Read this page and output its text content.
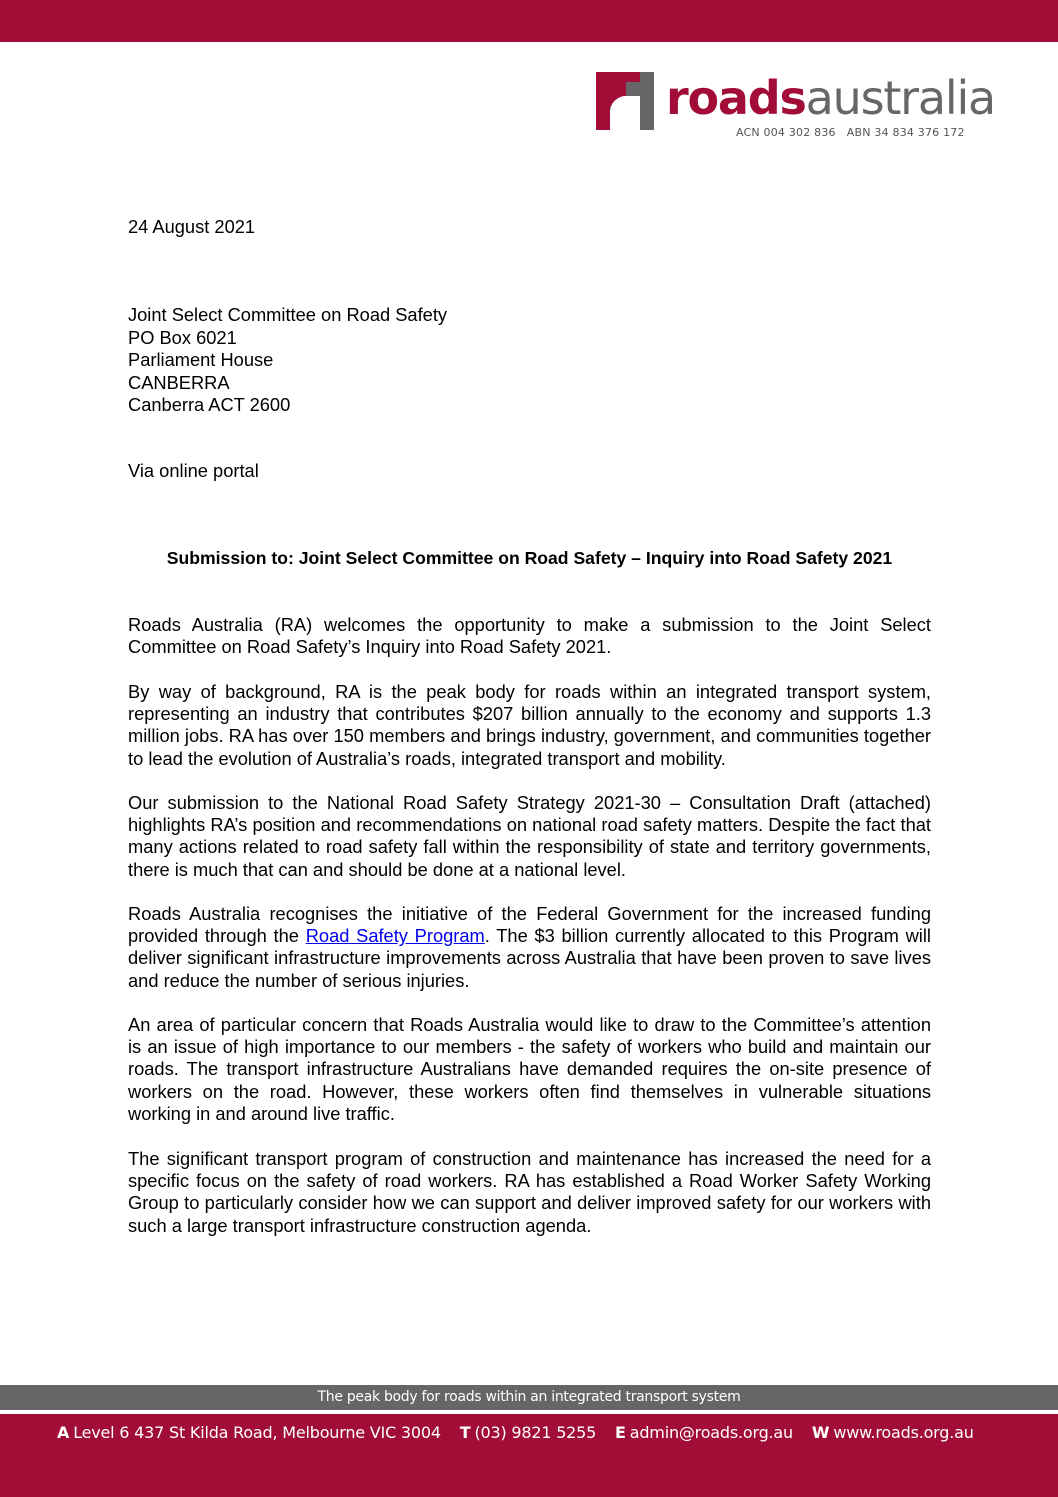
roadsaustralia
ACN 004 302 836   ABN 34 834 376 172
24 August 2021
Joint Select Committee on Road Safety
PO Box 6021
Parliament House
CANBERRA
Canberra ACT 2600
Via online portal
Submission to: Joint Select Committee on Road Safety – Inquiry into Road Safety 2021
Roads Australia (RA) welcomes the opportunity to make a submission to the Joint Select Committee on Road Safety’s Inquiry into Road Safety 2021.
By way of background, RA is the peak body for roads within an integrated transport system, representing an industry that contributes $207 billion annually to the economy and supports 1.3 million jobs. RA has over 150 members and brings industry, government, and communities together to lead the evolution of Australia’s roads, integrated transport and mobility.
Our submission to the National Road Safety Strategy 2021-30 – Consultation Draft (attached) highlights RA’s position and recommendations on national road safety matters. Despite the fact that many actions related to road safety fall within the responsibility of state and territory governments, there is much that can and should be done at a national level.
Roads Australia recognises the initiative of the Federal Government for the increased funding provided through the Road Safety Program. The $3 billion currently allocated to this Program will deliver significant infrastructure improvements across Australia that have been proven to save lives and reduce the number of serious injuries.
An area of particular concern that Roads Australia would like to draw to the Committee’s attention is an issue of high importance to our members - the safety of workers who build and maintain our roads. The transport infrastructure Australians have demanded requires the on-site presence of workers on the road. However, these workers often find themselves in vulnerable situations working in and around live traffic.
The significant transport program of construction and maintenance has increased the need for a specific focus on the safety of road workers. RA has established a Road Worker Safety Working Group to particularly consider how we can support and deliver improved safety for our workers with such a large transport infrastructure construction agenda.
The peak body for roads within an integrated transport system
A Level 6 437 St Kilda Road, Melbourne VIC 3004 T (03) 9821 5255 E admin@roads.org.au W www.roads.org.au
